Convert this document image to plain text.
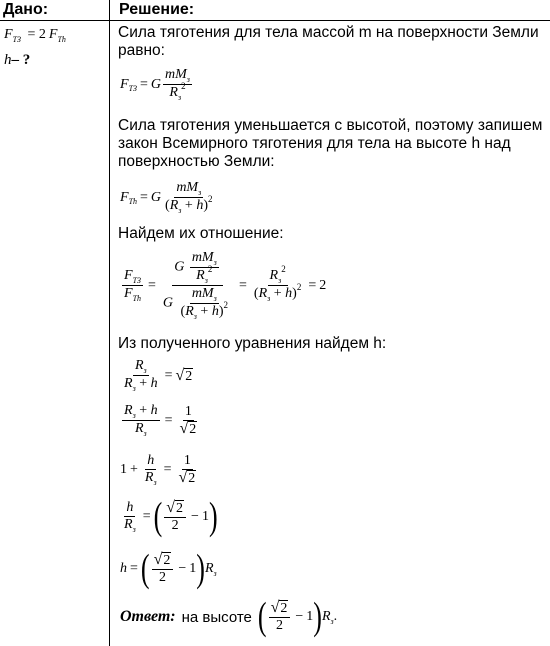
Дано:	Решение:
$F_{ТЗ} = 2$ $F_{Th}$
h– ?
Сила тяготения для тела массой m на поверхности Земли равно:
F ТЗ = G
$mM_з$
$R_з^2$
Сила тяготения уменьшается с высотой, поэтому запишем закон Всемирного тяготения для тела на высоте h над поверхностью Земли:
F Th = G
$mM_з$
$(R_з + h)^2$
Найдем их отношение:
$F_{ТЗ}$
$F_{Th}$
=
G
$mM_з$
$R_з^2$
G
$mM_з$
$(R_з + h)^2$
=
$R_з^2$
$(R_з + h)^2 = 2$
Из полученного уравнения найдем h:
$R_з$
$R_з + h$
= √ 2
$R_з + h$
$R_з$
= $\frac{1}{√ 2}$
1 +
h
$R_з$
= $\frac{1}{√ 2}$
h
$R_з$
= ( √ 2
2
− 1 )
h = ( √ 2
2
− 1 ) R з
Ответ: на высоте ( √ 2
2
− 1 ) R з .
